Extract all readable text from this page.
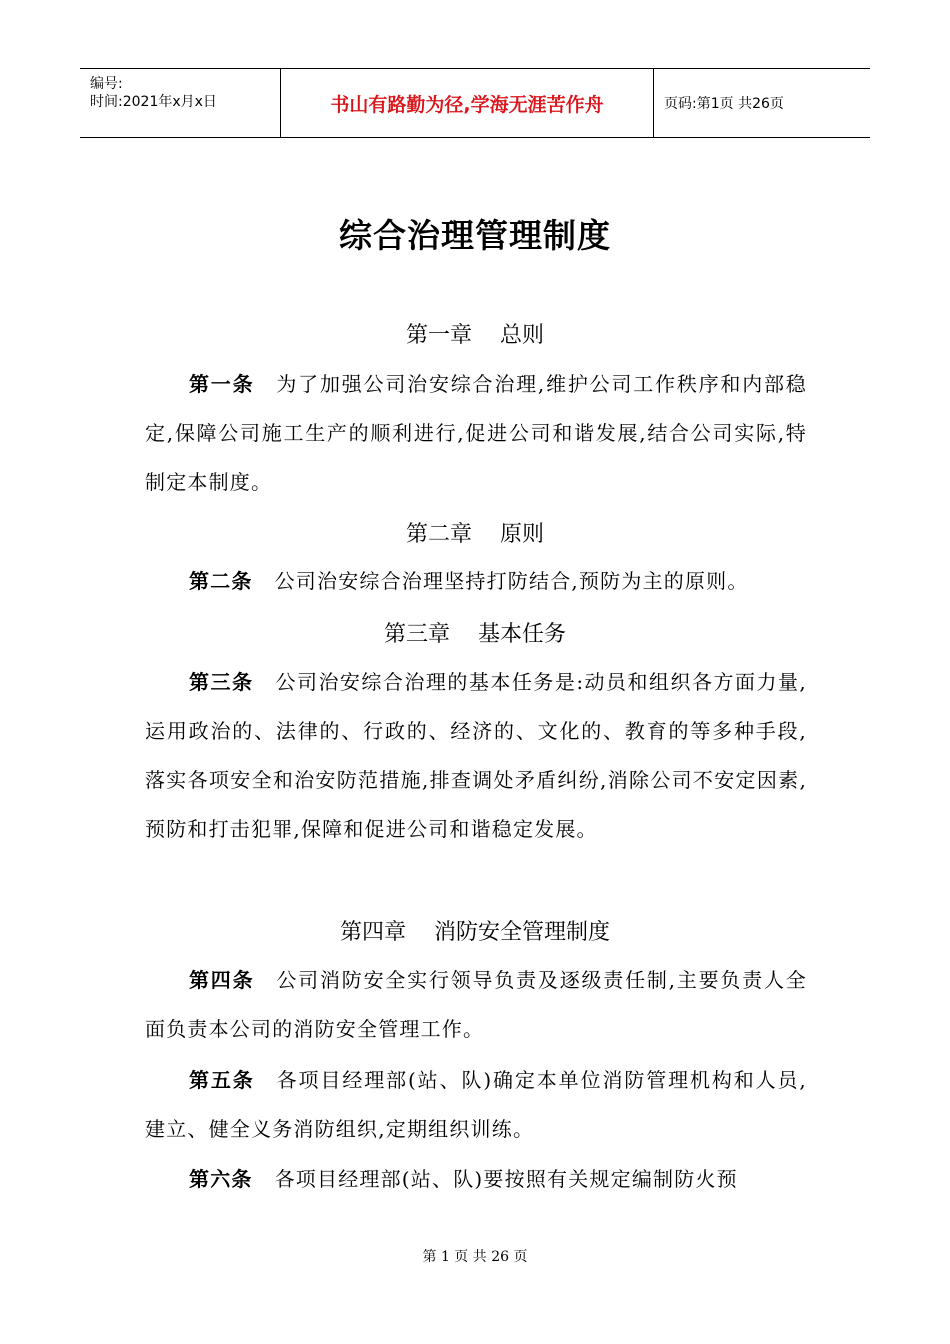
编号:
时间:2021年x月x日	书山有路勤为径,学海无涯苦作舟	页码:第1页 共26页
综合治理管理制度
第一章 总则
第一条 为了加强公司治安综合治理,维护公司工作秩序和内部稳定,保障公司施工生产的顺利进行,促进公司和谐发展,结合公司实际,特制定本制度。
第二章 原则
第二条 公司治安综合治理坚持打防结合,预防为主的原则。
第三章 基本任务
第三条 公司治安综合治理的基本任务是:动员和组织各方面力量,运用政治的、法律的、行政的、经济的、文化的、教育的等多种手段,落实各项安全和治安防范措施,排查调处矛盾纠纷,消除公司不安定因素,预防和打击犯罪,保障和促进公司和谐稳定发展。
第四章 消防安全管理制度
第四条 公司消防安全实行领导负责及逐级责任制,主要负责人全面负责本公司的消防安全管理工作。
第五条 各项目经理部(站、队)确定本单位消防管理机构和人员,建立、健全义务消防组织,定期组织训练。
第六条 各项目经理部(站、队)要按照有关规定编制防火预
第 1 页 共 26 页
